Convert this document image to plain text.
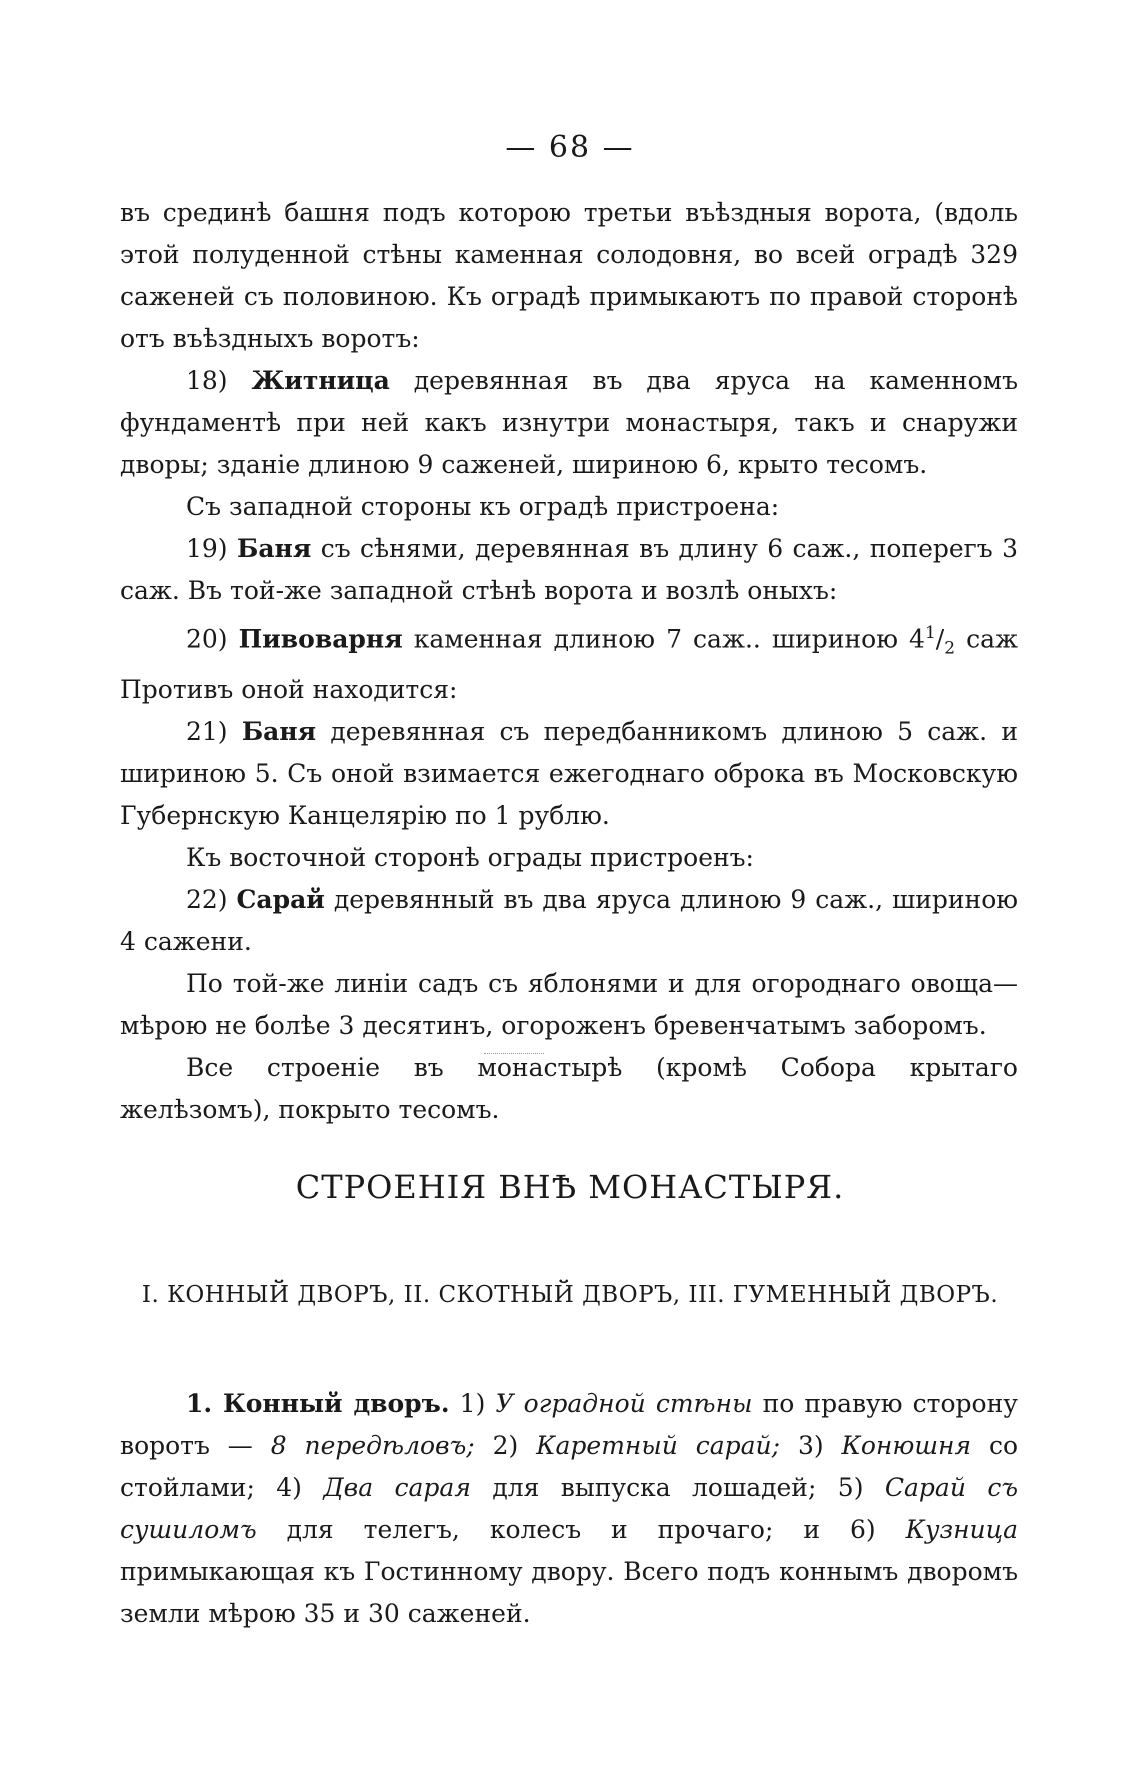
— 68 —

въ срединѣ башня подъ которою третьи въѣздныя ворота, (вдоль этой полуденной стѣны каменная солодовня, во всей оградѣ 329 саженей съ половиною. Къ оградѣ примыкаютъ по правой сторонѣ отъ въѣздныхъ воротъ:

18) Житница деревянная въ два яруса на каменномъ фундаментѣ при ней какъ изнутри монастыря, такъ и снаружи дворы; зданіе длиною 9 саженей, шириною 6, крыто тесомъ.

Съ западной стороны къ оградѣ пристроена:

19) Баня съ сѣнями, деревянная въ длину 6 саж., поперегъ 3 саж. Въ той-же западной стѣнѣ ворота и возлѣ оныхъ:

20) Пивоварня каменная длиною 7 саж.. шириною $4^1/_2$ саж Противъ оной находится:

21) Баня деревянная съ передбанникомъ длиною 5 саж. и шириною 5. Съ оной взимается ежегоднаго оброка въ Московскую Губернскую Канцелярію по 1 рублю.

Къ восточной сторонѣ ограды пристроенъ:

22) Сарай деревянный въ два яруса длиною 9 саж., шириною 4 сажени.

По той-же линіи садъ съ яблонями и для огороднаго овоща— мѣрою не болѣе 3 десятинъ, огороженъ бревенчатымъ заборомъ.

Все строеніе въ монастырѣ (кромѣ Собора крытаго желѣзомъ), покрыто тесомъ.

СТРОЕНІЯ ВНѢ МОНАСТЫРЯ.
І. КОННЫЙ ДВОРЪ, II. СКОТНЫЙ ДВОРЪ, III. ГУМЕННЫЙ ДВОРЪ.

1. Конный дворъ. 1) У оградной стѣны по правую сторону воротъ — 8 передѣловъ; 2) Каретный сарай; 3) Конюшня со стойлами; 4) Два сарая для выпуска лошадей; 5) Сарай съ сушиломъ для телегъ, колесъ и прочаго; и 6) Кузница примыкающая къ Гостинному двору. Всего подъ коннымъ дворомъ земли мѣрою 35 и 30 саженей.
